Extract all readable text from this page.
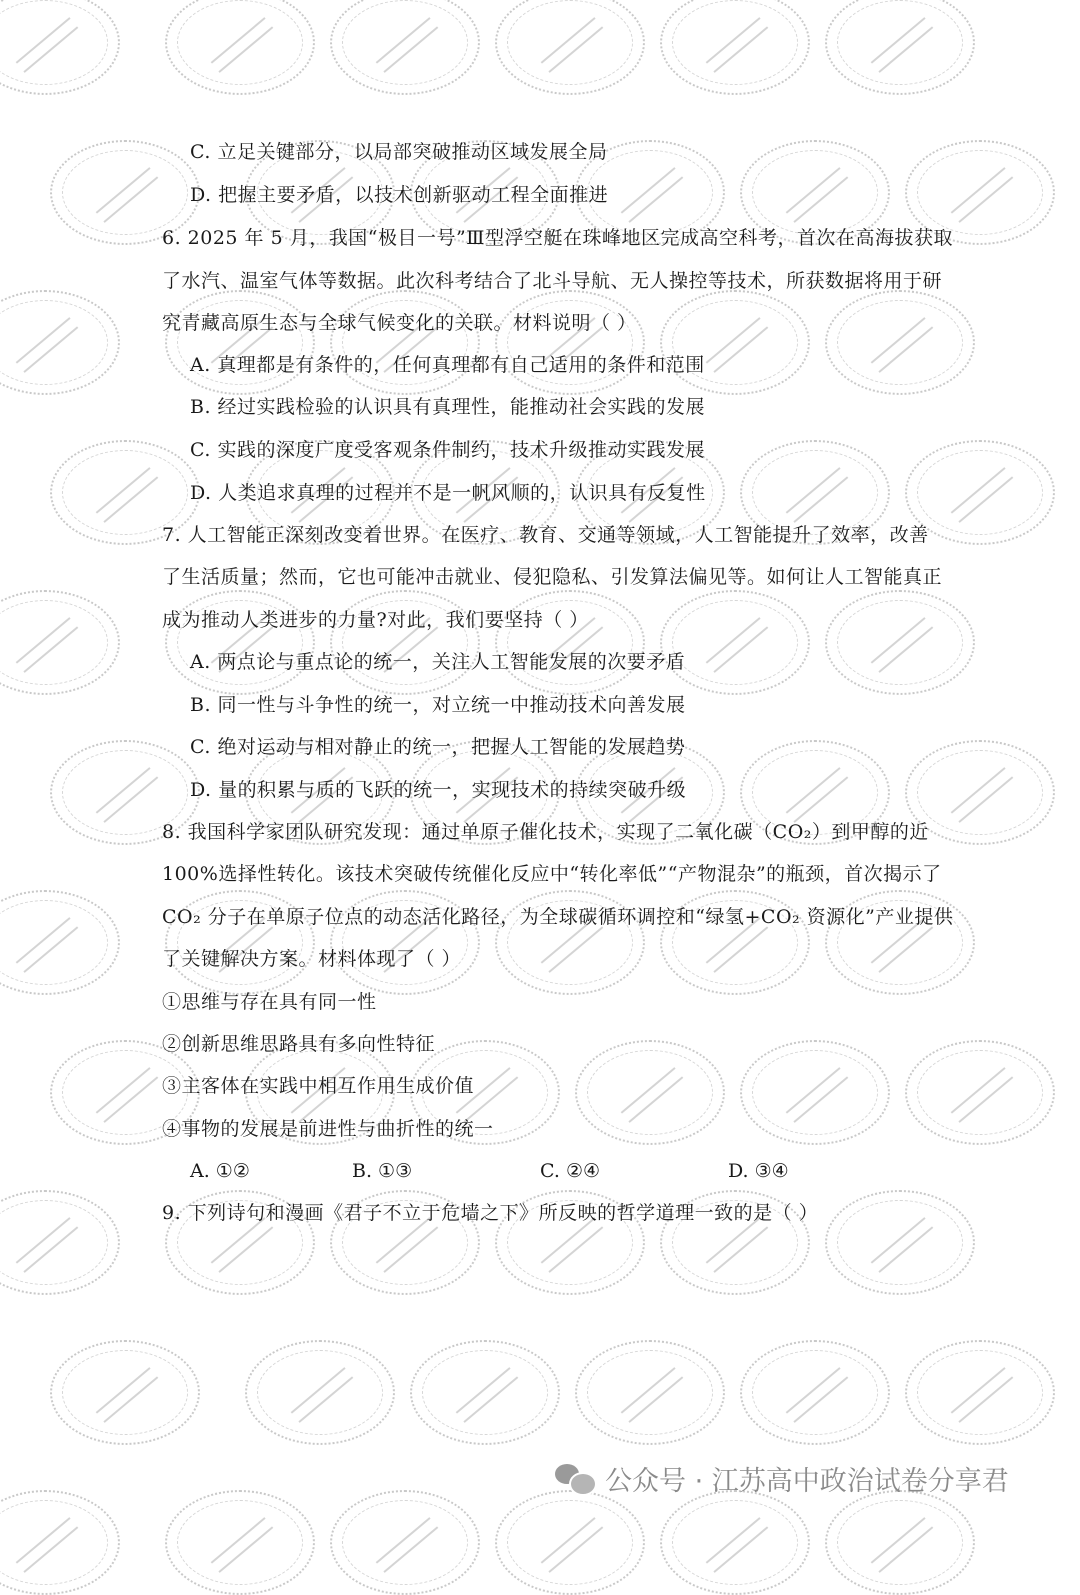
C. 立足关键部分，以局部突破推动区域发展全局
D. 把握主要矛盾，以技术创新驱动工程全面推进
6. 2025 年 5 月，我国“极目一号”Ⅲ型浮空艇在珠峰地区完成高空科考，首次在高海拔获取
了水汽、温室气体等数据。此次科考结合了北斗导航、无人操控等技术，所获数据将用于研
究青藏高原生态与全球气候变化的关联。材料说明（ ）
A. 真理都是有条件的，任何真理都有自己适用的条件和范围
B. 经过实践检验的认识具有真理性，能推动社会实践的发展
C. 实践的深度广度受客观条件制约，技术升级推动实践发展
D. 人类追求真理的过程并不是一帆风顺的，认识具有反复性
7. 人工智能正深刻改变着世界。在医疗、教育、交通等领域，人工智能提升了效率，改善
了生活质量；然而，它也可能冲击就业、侵犯隐私、引发算法偏见等。如何让人工智能真正
成为推动人类进步的力量?对此，我们要坚持（ ）
A. 两点论与重点论的统一，关注人工智能发展的次要矛盾
B. 同一性与斗争性的统一，对立统一中推动技术向善发展
C. 绝对运动与相对静止的统一，把握人工智能的发展趋势
D. 量的积累与质的飞跃的统一，实现技术的持续突破升级
8. 我国科学家团队研究发现：通过单原子催化技术，实现了二氧化碳（CO₂）到甲醇的近
100%选择性转化。该技术突破传统催化反应中“转化率低”“产物混杂”的瓶颈，首次揭示了
CO₂ 分子在单原子位点的动态活化路径，为全球碳循环调控和“绿氢+CO₂ 资源化”产业提供
了关键解决方案。材料体现了（ ）
①思维与存在具有同一性
②创新思维思路具有多向性特征
③主客体在实践中相互作用生成价值
④事物的发展是前进性与曲折性的统一
A. ①②	B. ①③	C. ②④	D. ③④
9. 下列诗句和漫画《君子不立于危墙之下》所反映的哲学道理一致的是（ ）
公众号 · 江苏高中政治试卷分享君
